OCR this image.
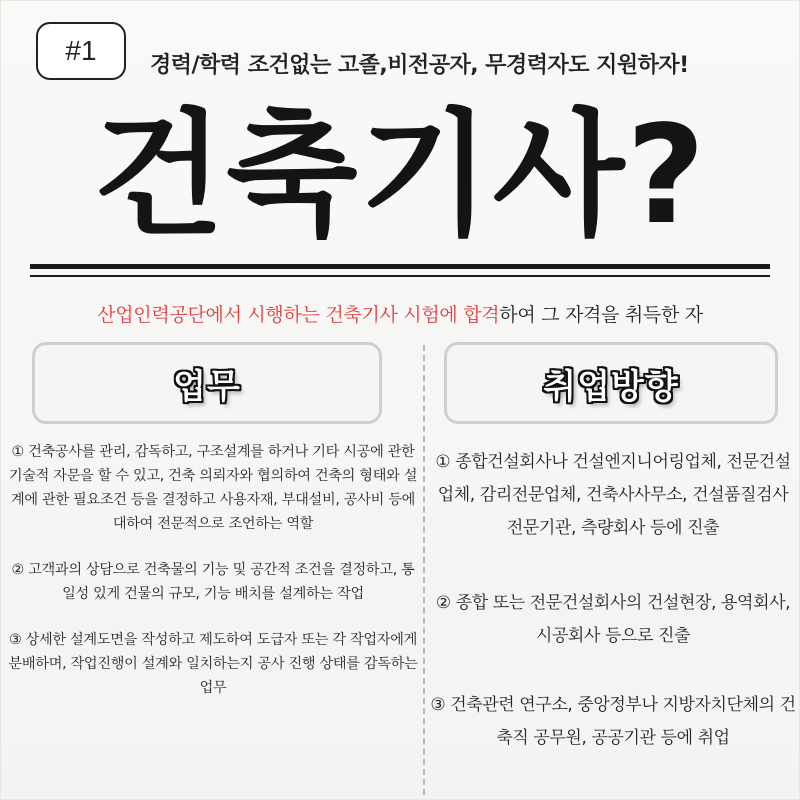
#1	경력/학력 조건없는 고졸,비전공자, 무경력자도 지원하자!
건축기사?
산업인력공단에서 시행하는 건축기사 시험에 합격하여 그 자격을 취득한 자
업무	취업방향
① 건축공사를 관리, 감독하고, 구조설계를 하거나 기타 시공에 관한 기술적 자문을 할 수 있고, 건축 의뢰자와 협의하여 건축의 형태와 설계에 관한 필요조건 등을 결정하고 사용자재, 부대설비, 공사비 등에 대하여 전문적으로 조언하는 역할
② 고객과의 상담으로 건축물의 기능 및 공간적 조건을 결정하고, 통일성 있게 건물의 규모, 기능 배치를 설계하는 작업
③ 상세한 설계도면을 작성하고 제도하여 도급자 또는 각 작업자에게 분배하며, 작업진행이 설계와 일치하는지 공사 진행 상태를 감독하는 업무
① 종합건설회사나 건설엔지니어링업체, 전문건설업체, 감리전문업체, 건축사사무소, 건설품질검사전문기관, 측량회사 등에 진출
② 종합 또는 전문건설회사의 건설현장, 용역회사, 시공회사 등으로 진출
③ 건축관련 연구소, 중앙정부나 지방자치단체의 건축직 공무원, 공공기관 등에 취업
